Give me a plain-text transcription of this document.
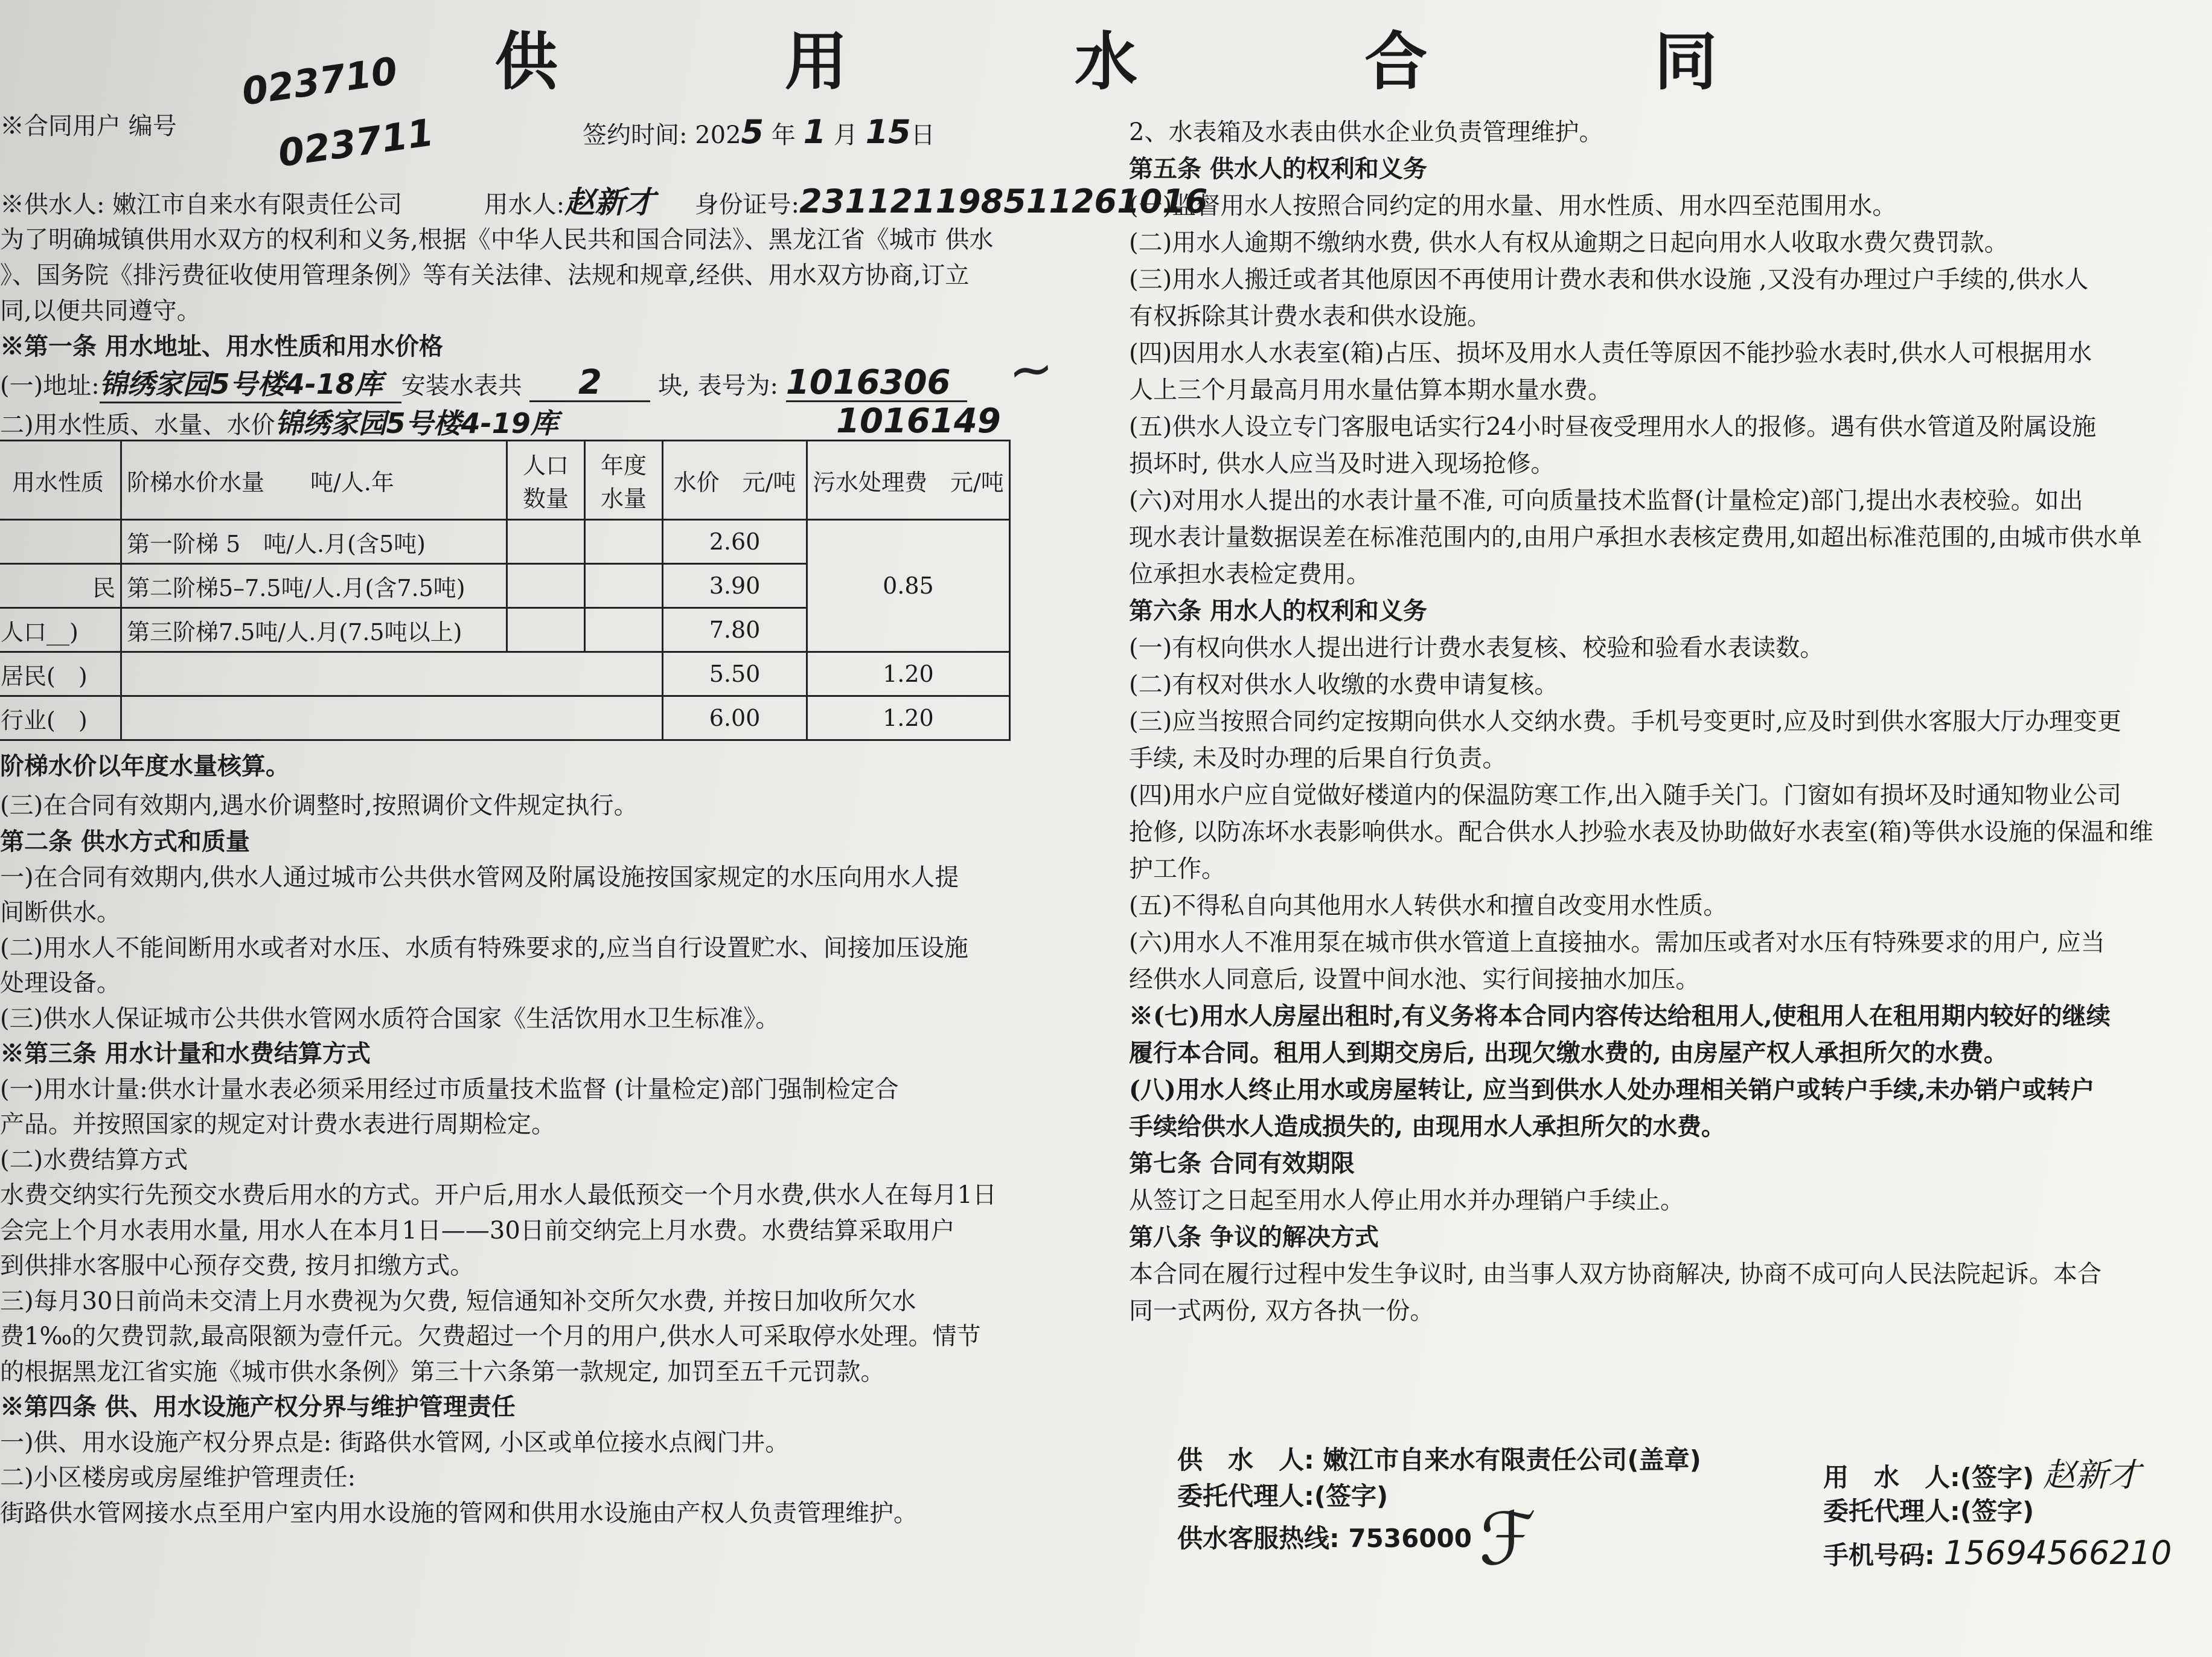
供 用 水 合 同
※合同用户 编号
023710
023711	签约时间: 2025 年 1 月 15日
※供水人: 嫩江市自来水有限责任公司	用水人:赵新才 身份证号:231121198511261016
为了明确城镇供用水双方的权利和义务,根据《中华人民共和国合同法》、黑龙江省《城市 供水
》、国务院《排污费征收使用管理条例》等有关法律、法规和规章,经供、用水双方协商,订立
同,以便共同遵守。
※第一条 用水地址、用水性质和用水价格
(一)地址:锦绣家园5号楼4-18库 安装水表共 2 块, 表号为: 1016306
二)用水性质、水量、水价锦绣家园5号楼4-19库	1016149
~
用水性质	阶梯水价水量　　吨/人.年	人口数量	年度水量	水价　元/吨	污水处理费　元/吨
	第一阶梯 5　吨/人.月(含5吨)			2.60	0.85
民	第二阶梯5–7.5吨/人.月(含7.5吨)			3.90	
人口__)	第三阶梯7.5吨/人.月(7.5吨以上)			7.80	
居民(　)				5.50	1.20
行业(　)				6.00	1.20
阶梯水价以年度水量核算。
(三)在合同有效期内,遇水价调整时,按照调价文件规定执行。
第二条 供水方式和质量
一)在合同有效期内,供水人通过城市公共供水管网及附属设施按国家规定的水压向用水人提
间断供水。
(二)用水人不能间断用水或者对水压、水质有特殊要求的,应当自行设置贮水、间接加压设施
处理设备。
(三)供水人保证城市公共供水管网水质符合国家《生活饮用水卫生标准》。
※第三条 用水计量和水费结算方式
(一)用水计量:供水计量水表必须采用经过市质量技术监督 (计量检定)部门强制检定合
产品。并按照国家的规定对计费水表进行周期检定。
(二)水费结算方式
水费交纳实行先预交水费后用水的方式。开户后,用水人最低预交一个月水费,供水人在每月1日
会完上个月水表用水量, 用水人在本月1日——30日前交纳完上月水费。水费结算采取用户
到供排水客服中心预存交费, 按月扣缴方式。
三)每月30日前尚未交清上月水费视为欠费, 短信通知补交所欠水费, 并按日加收所欠水
费1‰的欠费罚款,最高限额为壹仟元。欠费超过一个月的用户,供水人可采取停水处理。情节
的根据黑龙江省实施《城市供水条例》第三十六条第一款规定, 加罚至五千元罚款。
※第四条 供、用水设施产权分界与维护管理责任
一)供、用水设施产权分界点是: 街路供水管网, 小区或单位接水点阀门井。
二)小区楼房或房屋维护管理责任:
街路供水管网接水点至用户室内用水设施的管网和供用水设施由产权人负责管理维护。
2、水表箱及水表由供水企业负责管理维护。
第五条 供水人的权利和义务
(一)监督用水人按照合同约定的用水量、用水性质、用水四至范围用水。
(二)用水人逾期不缴纳水费, 供水人有权从逾期之日起向用水人收取水费欠费罚款。
(三)用水人搬迁或者其他原因不再使用计费水表和供水设施 ,又没有办理过户手续的,供水人
有权拆除其计费水表和供水设施。
(四)因用水人水表室(箱)占压、损坏及用水人责任等原因不能抄验水表时,供水人可根据用水
人上三个月最高月用水量估算本期水量水费。
(五)供水人设立专门客服电话实行24小时昼夜受理用水人的报修。遇有供水管道及附属设施
损坏时, 供水人应当及时进入现场抢修。
(六)对用水人提出的水表计量不准, 可向质量技术监督(计量检定)部门,提出水表校验。如出
现水表计量数据误差在标准范围内的,由用户承担水表核定费用,如超出标准范围的,由城市供水单
位承担水表检定费用。
第六条 用水人的权利和义务
(一)有权向供水人提出进行计费水表复核、校验和验看水表读数。
(二)有权对供水人收缴的水费申请复核。
(三)应当按照合同约定按期向供水人交纳水费。手机号变更时,应及时到供水客服大厅办理变更
手续, 未及时办理的后果自行负责。
(四)用水户应自觉做好楼道内的保温防寒工作,出入随手关门。门窗如有损坏及时通知物业公司
抢修, 以防冻坏水表影响供水。配合供水人抄验水表及协助做好水表室(箱)等供水设施的保温和维
护工作。
(五)不得私自向其他用水人转供水和擅自改变用水性质。
(六)用水人不准用泵在城市供水管道上直接抽水。需加压或者对水压有特殊要求的用户, 应当
经供水人同意后, 设置中间水池、实行间接抽水加压。
※(七)用水人房屋出租时,有义务将本合同内容传达给租用人,使租用人在租用期内较好的继续
履行本合同。租用人到期交房后, 出现欠缴水费的, 由房屋产权人承担所欠的水费。
(八)用水人终止用水或房屋转让, 应当到供水人处办理相关销户或转户手续,未办销户或转户
手续给供水人造成损失的, 由现用水人承担所欠的水费。
第七条 合同有效期限
从签订之日起至用水人停止用水并办理销户手续止。
第八条 争议的解决方式
本合同在履行过程中发生争议时, 由当事人双方协商解决, 协商不成可向人民法院起诉。本合
同一式两份, 双方各执一份。
供　水　人: 嫩江市自来水有限责任公司(盖章)
委托代理人:(签字)
供水客服热线: 7536000 ℱ
用　水　人:(签字) 赵新才
委托代理人:(签字)
手机号码: 15694566210
